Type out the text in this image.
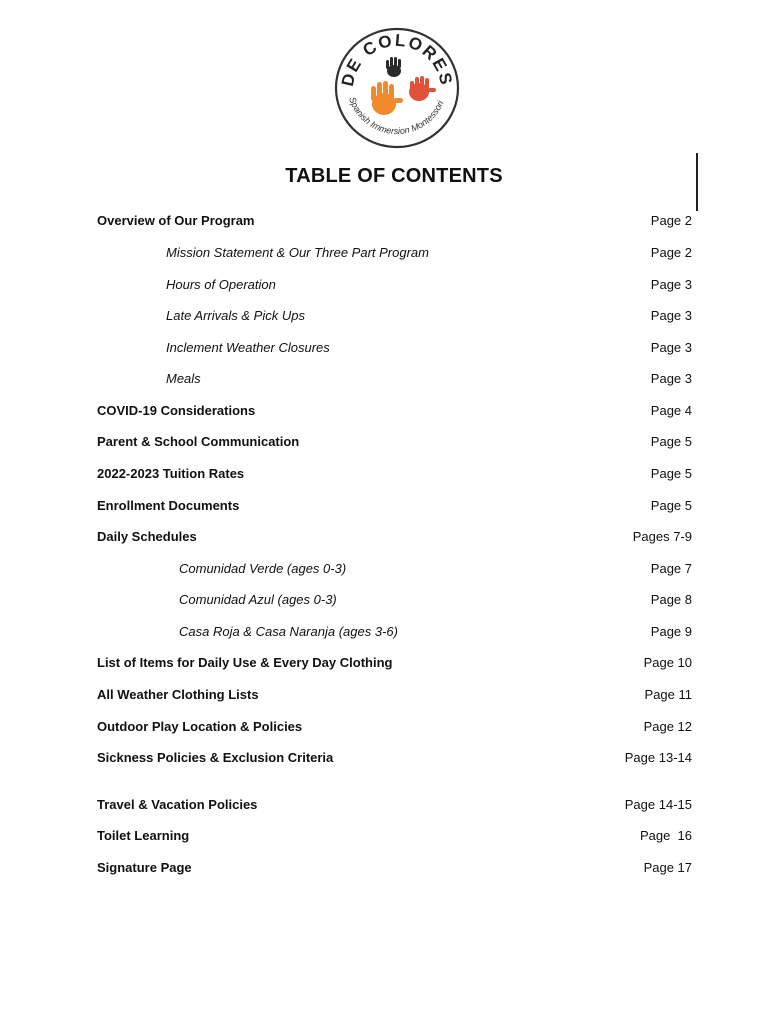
DE COLORES
Spanish Immersion Montessori
TABLE OF CONTENTS
Overview of Our Program	Page 2
Mission Statement & Our Three Part Program	Page 2
Hours of Operation	Page 3
Late Arrivals & Pick Ups	Page 3
Inclement Weather Closures	Page 3
Meals	Page 3
COVID-19 Considerations	Page 4
Parent & School Communication	Page 5
2022-2023 Tuition Rates	Page 5
Enrollment Documents	Page 5
Daily Schedules	Pages 7-9
Comunidad Verde (ages 0-3)	Page 7
Comunidad Azul (ages 0-3)	Page 8
Casa Roja & Casa Naranja (ages 3-6)	Page 9
List of Items for Daily Use & Every Day Clothing	Page 10
All Weather Clothing Lists	Page 11
Outdoor Play Location & Policies	Page 12
Sickness Policies & Exclusion Criteria	Page 13-14
Travel & Vacation Policies	Page 14-15
Toilet Learning	Page  16
Signature Page	Page 17
